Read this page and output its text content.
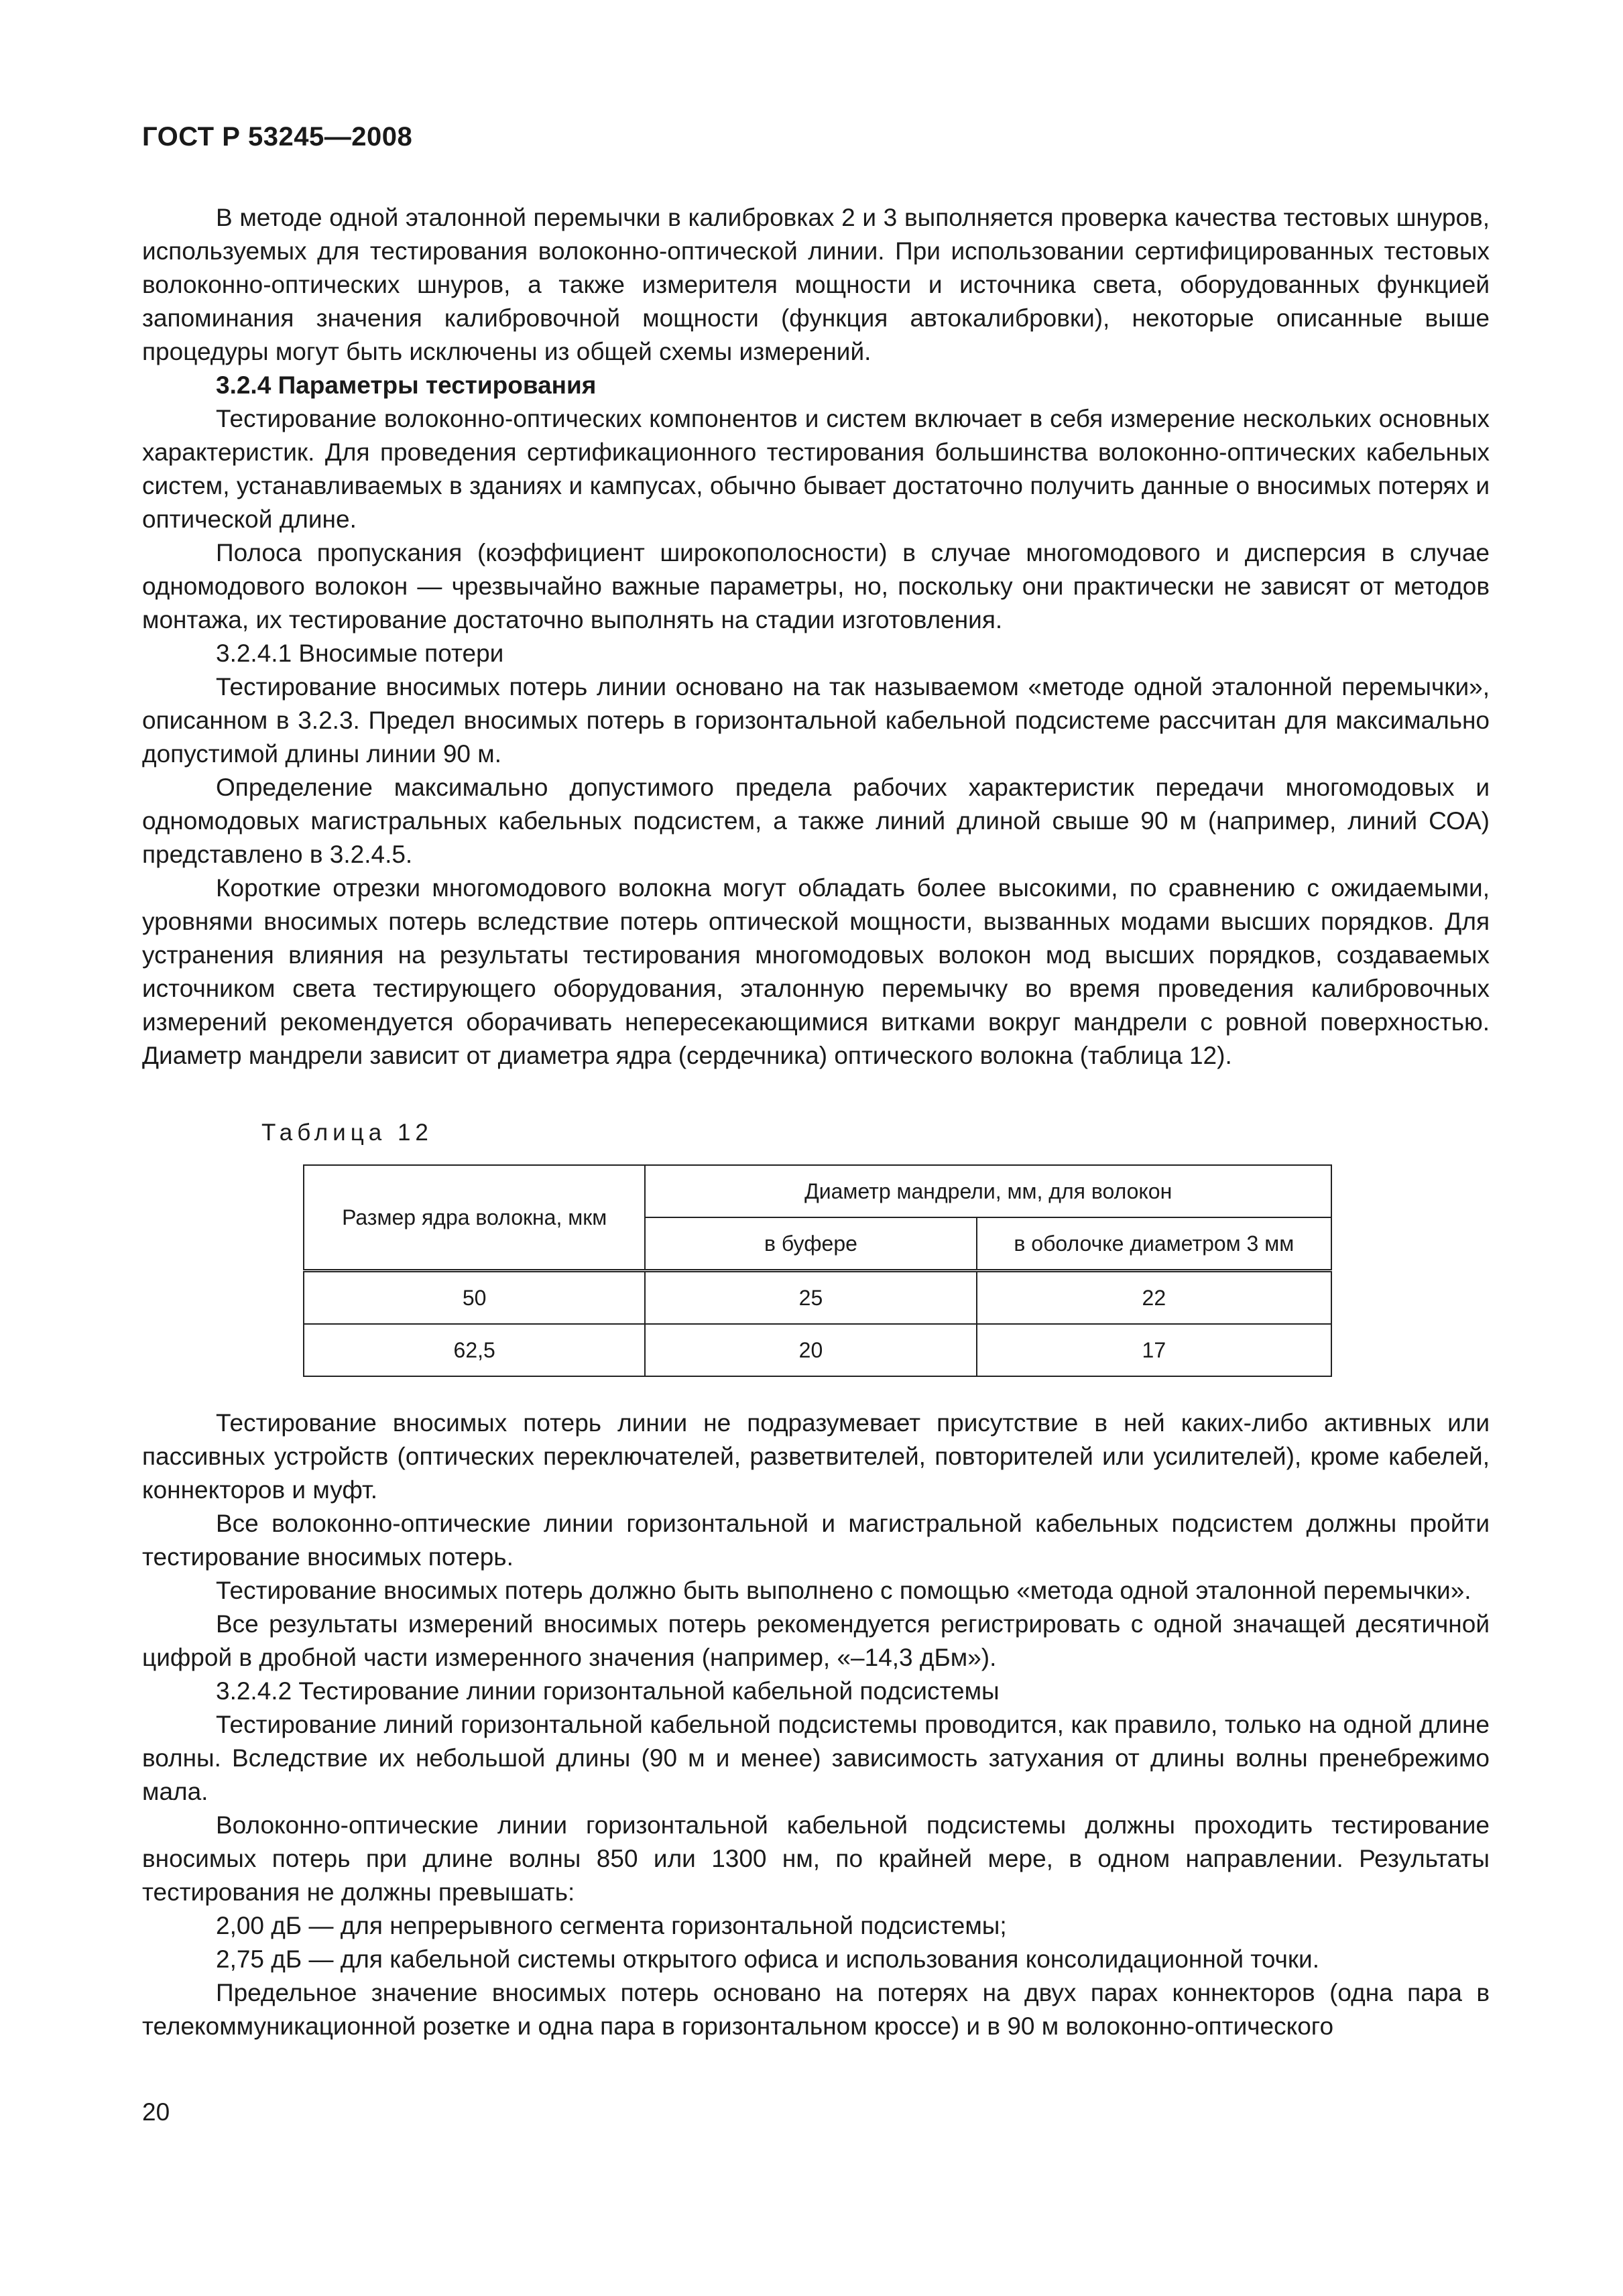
ГОСТ Р 53245—2008

В методе одной эталонной перемычки в калибровках 2 и 3 выполняется проверка качества тестовых шнуров, используемых для тестирования волоконно-оптической линии. При использовании сертифицированных тестовых волоконно-оптических шнуров, а также измерителя мощности и источника света, оборудованных функцией запоминания значения калибровочной мощности (функция автокалибровки), некоторые описанные выше процедуры могут быть исключены из общей схемы измерений.

3.2.4 Параметры тестирования

Тестирование волоконно-оптических компонентов и систем включает в себя измерение нескольких основных характеристик. Для проведения сертификационного тестирования большинства волоконно-оптических кабельных систем, устанавливаемых в зданиях и кампусах, обычно бывает достаточно получить данные о вносимых потерях и оптической длине.

Полоса пропускания (коэффициент широкополосности) в случае многомодового и дисперсия в случае одномодового волокон — чрезвычайно важные параметры, но, поскольку они практически не зависят от методов монтажа, их тестирование достаточно выполнять на стадии изготовления.

3.2.4.1 Вносимые потери

Тестирование вносимых потерь линии основано на так называемом «методе одной эталонной перемычки», описанном в 3.2.3. Предел вносимых потерь в горизонтальной кабельной подсистеме рассчитан для максимально допустимой длины линии 90 м.

Определение максимально допустимого предела рабочих характеристик передачи многомодовых и одномодовых магистральных кабельных подсистем, а также линий длиной свыше 90 м (например, линий СОА) представлено в 3.2.4.5.

Короткие отрезки многомодового волокна могут обладать более высокими, по сравнению с ожидаемыми, уровнями вносимых потерь вследствие потерь оптической мощности, вызванных модами высших порядков. Для устранения влияния на результаты тестирования многомодовых волокон мод высших порядков, создаваемых источником света тестирующего оборудования, эталонную перемычку во время проведения калибровочных измерений рекомендуется оборачивать непересекающимися витками вокруг мандрели с ровной поверхностью. Диаметр мандрели зависит от диаметра ядра (сердечника) оптического волокна (таблица 12).

Таблица 12
Размер ядра волокна, мкм	Диаметр мандрели, мм, для волокон	
	в буфере	в оболочке диаметром 3 мм
50	25	22
62,5	20	17

Тестирование вносимых потерь линии не подразумевает присутствие в ней каких-либо активных или пассивных устройств (оптических переключателей, разветвителей, повторителей или усилителей), кроме кабелей, коннекторов и муфт.

Все волоконно-оптические линии горизонтальной и магистральной кабельных подсистем должны пройти тестирование вносимых потерь.

Тестирование вносимых потерь должно быть выполнено с помощью «метода одной эталонной перемычки».

Все результаты измерений вносимых потерь рекомендуется регистрировать с одной значащей десятичной цифрой в дробной части измеренного значения (например, «–14,3 дБм»).

3.2.4.2 Тестирование линии горизонтальной кабельной подсистемы

Тестирование линий горизонтальной кабельной подсистемы проводится, как правило, только на одной длине волны. Вследствие их небольшой длины (90 м и менее) зависимость затухания от длины волны пренебрежимо мала.

Волоконно-оптические линии горизонтальной кабельной подсистемы должны проходить тестирование вносимых потерь при длине волны 850 или 1300 нм, по крайней мере, в одном направлении. Результаты тестирования не должны превышать:

2,00 дБ — для непрерывного сегмента горизонтальной подсистемы;

2,75 дБ — для кабельной системы открытого офиса и использования консолидационной точки.

Предельное значение вносимых потерь основано на потерях на двух парах коннекторов (одна пара в телекоммуникационной розетке и одна пара в горизонтальном кроссе) и в 90 м волоконно-оптического

20
